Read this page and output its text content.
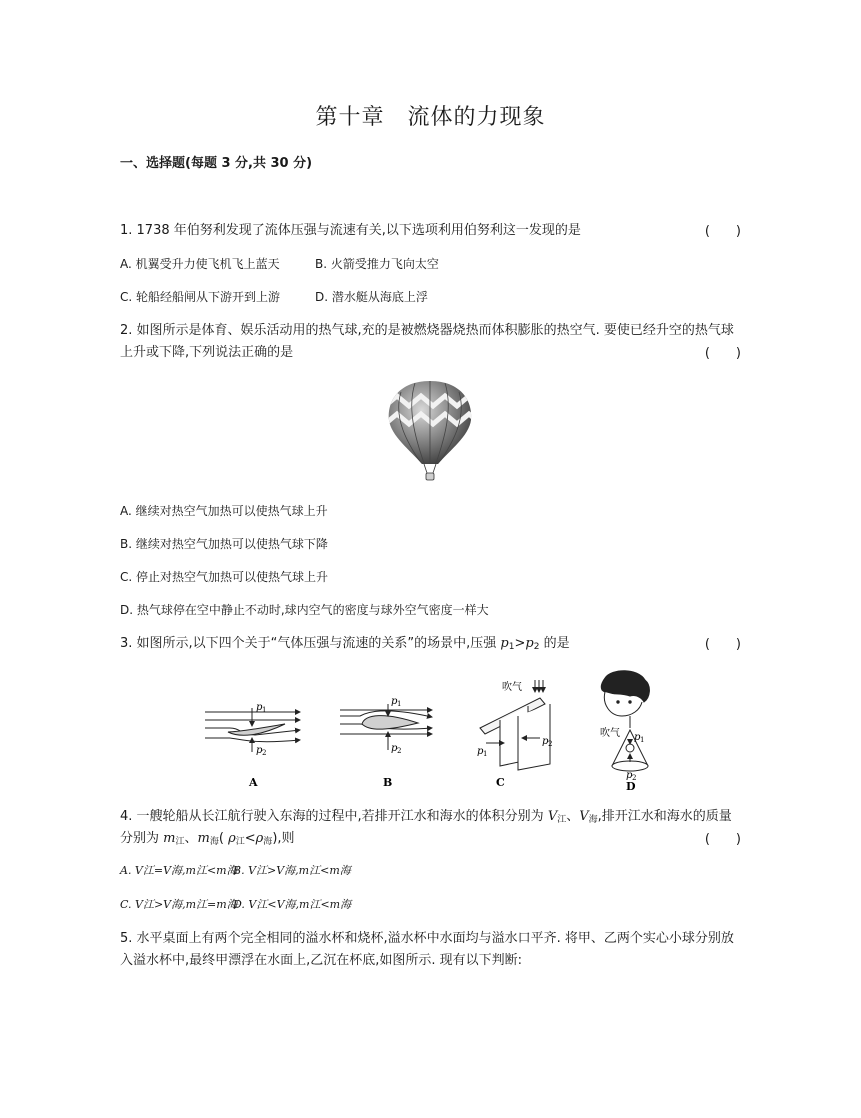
第十章　流体的力现象
一、选择题(每题 3 分,共 30 分)
1. 1738 年伯努利发现了流体压强与流速有关,以下选项利用伯努利这一发现的是	(　　)
A. 机翼受升力使飞机飞上蓝天	B. 火箭受推力飞向太空
C. 轮船经船闸从下游开到上游	D. 潜水艇从海底上浮
2. 如图所示是体育、娱乐活动用的热气球,充的是被燃烧器烧热而体积膨胀的热空气. 要使已经升空的热气球
上升或下降,下列说法正确的是	(　　)
A. 继续对热空气加热可以使热气球上升
B. 继续对热空气加热可以使热气球下降
C. 停止对热空气加热可以使热气球上升
D. 热气球停在空中静止不动时,球内空气的密度与球外空气密度一样大
3. 如图所示,以下四个关于“气体压强与流速的关系”的场景中,压强 $p_1>p_2$ 的是	(　　)
p 1
p 2
A
p 1
p 2
B
吹气
p 1
p 2
C
吹气 p 1
p 2
D
4. 一艘轮船从长江航行驶入东海的过程中,若排开江水和海水的体积分别为 $V_江$、$V_海$,排开江水和海水的质量
分别为 $m_江$、$m_海$( $\rho_江<\rho_海$),则	(　　)
A. V江=V海,m江<m海
B. V江>V海,m江<m海
C. V江>V海,m江=m海
D. V江<V海,m江<m海
5. 水平桌面上有两个完全相同的溢水杯和烧杯,溢水杯中水面均与溢水口平齐. 将甲、乙两个实心小球分别放
入溢水杯中,最终甲漂浮在水面上,乙沉在杯底,如图所示. 现有以下判断:
